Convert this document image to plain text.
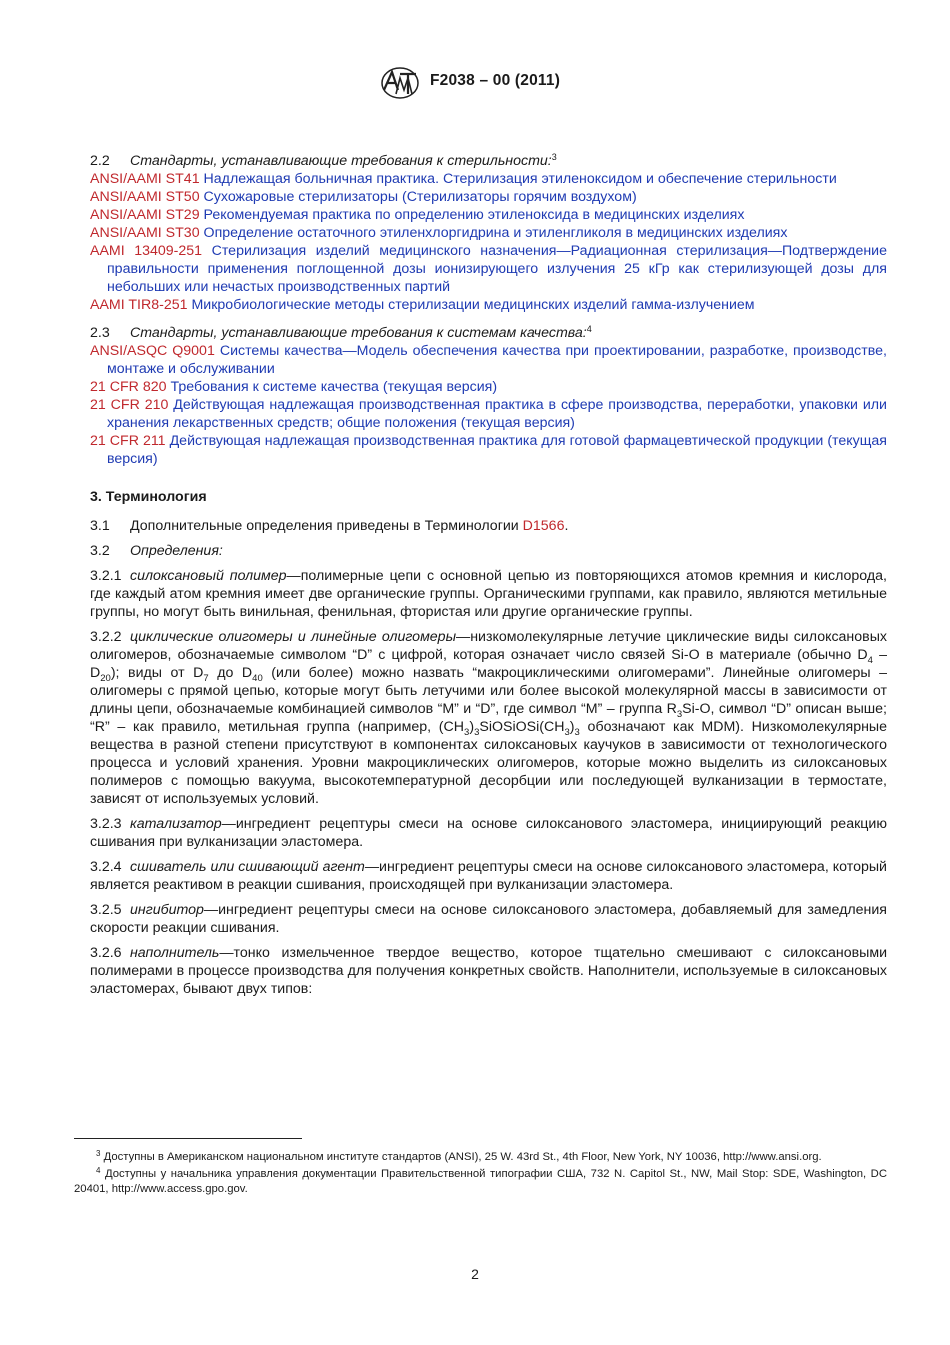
F2038 – 00 (2011)

2.2 Стандарты, устанавливающие требования к стерильности:$^3$

ANSI/AAMI ST41 Надлежащая больничная практика. Стерилизация этиленоксидом и обеспечение стерильности

ANSI/AAMI ST50 Сухожаровые стерилизаторы (Стерилизаторы горячим воздухом)

ANSI/AAMI ST29 Рекомендуемая практика по определению этиленоксида в медицинских изделиях

ANSI/AAMI ST30 Определение остаточного этиленхлоргидрина и этиленгликоля в медицинских изделиях

AAMI 13409-251 Стерилизация изделий медицинского назначения—Радиационная стерилизация—Подтверждение правильности применения поглощенной дозы ионизирующего излучения 25 кГр как стерилизующей дозы для небольших или нечастых производственных партий

AAMI TIR8-251 Микробиологические методы стерилизации медицинских изделий гамма-излучением

2.3 Стандарты, устанавливающие требования к системам качества:$^4$

ANSI/ASQC Q9001 Системы качества—Модель обеспечения качества при проектировании, разработке, производстве, монтаже и обслуживании

21 CFR 820 Требования к системе качества (текущая версия)

21 CFR 210 Действующая надлежащая производственная практика в сфере производства, переработки, упаковки или хранения лекарственных средств; общие положения (текущая версия)

21 CFR 211 Действующая надлежащая производственная практика для готовой фармацевтической продукции (текущая версия)

3. Терминология

3.1 Дополнительные определения приведены в Терминологии D1566.

3.2 Определения:

3.2.1 силоксановый полимер—полимерные цепи с основной цепью из повторяющихся атомов кремния и кислорода, где каждый атом кремния имеет две органические группы. Органическими группами, как правило, являются метильные группы, но могут быть винильная, фенильная, фтористая или другие органические группы.

3.2.2 циклические олигомеры и линейные олигомеры—низкомолекулярные летучие циклические виды силоксановых олигомеров, обозначаемые символом “D” с цифрой, которая означает число связей Si-O в материале (обычно $D_4 - D_{20}$); виды от $D_7$ до $D_{40}$ (или более) можно назвать “макроциклическими олигомерами”. Линейные олигомеры – олигомеры с прямой цепью, которые могут быть летучими или более высокой молекулярной массы в зависимости от длины цепи, обозначаемые комбинацией символов “M” и “D”, где символ “M” – группа $R_3Si-O$, символ “D” описан выше; “R” – как правило, метильная группа (например, $(CH_3)_3SiOSiOSi(CH_3)_3$ обозначают как MDM). Низкомолекулярные вещества в разной степени присутствуют в компонентах силоксановых каучуков в зависимости от технологического процесса и условий хранения. Уровни макроциклических олигомеров, которые можно выделить из силоксановых полимеров с помощью вакуума, высокотемпературной десорбции или последующей вулканизации в термостате, зависят от используемых условий.

3.2.3 катализатор—ингредиент рецептуры смеси на основе силоксанового эластомера, инициирующий реакцию сшивания при вулканизации эластомера.

3.2.4 сшиватель или сшивающий агент—ингредиент рецептуры смеси на основе силоксанового эластомера, который является реактивом в реакции сшивания, происходящей при вулканизации эластомера.

3.2.5 ингибитор—ингредиент рецептуры смеси на основе силоксанового эластомера, добавляемый для замедления скорости реакции сшивания.

3.2.6 наполнитель—тонко измельченное твердое вещество, которое тщательно смешивают с силоксановыми полимерами в процессе производства для получения конкретных свойств. Наполнители, используемые в силоксановых эластомерах, бывают двух типов:

$^3$ Доступны в Американском национальном институте стандартов (ANSI), 25 W. 43rd St., 4th Floor, New York, NY 10036, http://www.ansi.org.

$^4$ Доступны у начальника управления документации Правительственной типографии США, 732 N. Capitol St., NW, Mail Stop: SDE, Washington, DC 20401, http://www.access.gpo.gov.

2
